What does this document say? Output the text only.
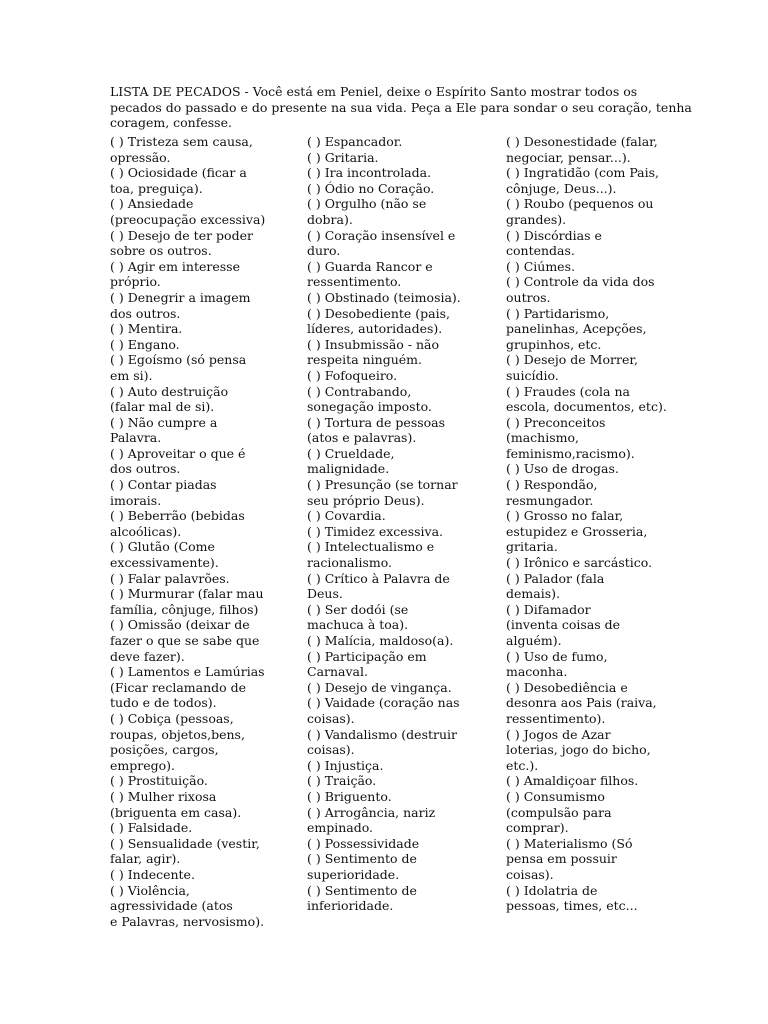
LISTA DE PECADOS - Você está em Peniel, deixe o Espírito Santo mostrar todos os
pecados do passado e do presente na sua vida. Peça a Ele para sondar o seu coração, tenha
coragem, confesse.
( ) Tristeza sem causa,
opressão.
( ) Ociosidade (ficar a
toa, preguiça).
( ) Ansiedade
(preocupação excessiva)
( ) Desejo de ter poder
sobre os outros.
( ) Agir em interesse
próprio.
( ) Denegrir a imagem
dos outros.
( ) Mentira.
( ) Engano.
( ) Egoísmo (só pensa
em si).
( ) Auto destruição
(falar mal de si).
( ) Não cumpre a
Palavra.
( ) Aproveitar o que é
dos outros.
( ) Contar piadas
imorais.
( ) Beberrão (bebidas
alcoólicas).
( ) Glutão (Come
excessivamente).
( ) Falar palavrões.
( ) Murmurar (falar mau
família, cônjuge, filhos)
( ) Omissão (deixar de
fazer o que se sabe que
deve fazer).
( ) Lamentos e Lamúrias
(Ficar reclamando de
tudo e de todos).
( ) Cobiça (pessoas,
roupas, objetos,bens,
posições, cargos,
emprego).
( ) Prostituição.
( ) Mulher rixosa
(briguenta em casa).
( ) Falsidade.
( ) Sensualidade (vestir,
falar, agir).
( ) Indecente.
( ) Violência,
agressividade (atos
e Palavras, nervosismo).
( ) Espancador.
( ) Gritaria.
( ) Ira incontrolada.
( ) Ódio no Coração.
( ) Orgulho (não se
dobra).
( ) Coração insensível e
duro.
( ) Guarda Rancor e
ressentimento.
( ) Obstinado (teimosia).
( ) Desobediente (pais,
líderes, autoridades).
( ) Insubmissão - não
respeita ninguém.
( ) Fofoqueiro.
( ) Contrabando,
sonegação imposto.
( ) Tortura de pessoas
(atos e palavras).
( ) Crueldade,
malignidade.
( ) Presunção (se tornar
seu próprio Deus).
( ) Covardia.
( ) Timidez excessiva.
( ) Intelectualismo e
racionalismo.
( ) Crítico à Palavra de
Deus.
( ) Ser dodói (se
machuca à toa).
( ) Malícia, maldoso(a).
( ) Participação em
Carnaval.
( ) Desejo de vingança.
( ) Vaidade (coração nas
coisas).
( ) Vandalismo (destruir
coisas).
( ) Injustiça.
( ) Traição.
( ) Briguento.
( ) Arrogância, nariz
empinado.
( ) Possessividade
( ) Sentimento de
superioridade.
( ) Sentimento de
inferioridade.
( ) Desonestidade (falar,
negociar, pensar...).
( ) Ingratidão (com Pais,
cônjuge, Deus...).
( ) Roubo (pequenos ou
grandes).
( ) Discórdias e
contendas.
( ) Ciúmes.
( ) Controle da vida dos
outros.
( ) Partidarismo,
panelinhas, Acepções,
grupinhos, etc.
( ) Desejo de Morrer,
suicídio.
( ) Fraudes (cola na
escola, documentos, etc).
( ) Preconceitos
(machismo,
feminismo,racismo).
( ) Uso de drogas.
( ) Respondão,
resmungador.
( ) Grosso no falar,
estupidez e Grosseria,
gritaria.
( ) Irônico e sarcástico.
( ) Palador (fala
demais).
( ) Difamador
(inventa coisas de
alguém).
( ) Uso de fumo,
maconha.
( ) Desobediência e
desonra aos Pais (raiva,
ressentimento).
( ) Jogos de Azar
loterias, jogo do bicho,
etc.).
( ) Amaldiçoar filhos.
( ) Consumismo
(compulsão para
comprar).
( ) Materialismo (Só
pensa em possuir
coisas).
( ) Idolatria de
pessoas, times, etc...
